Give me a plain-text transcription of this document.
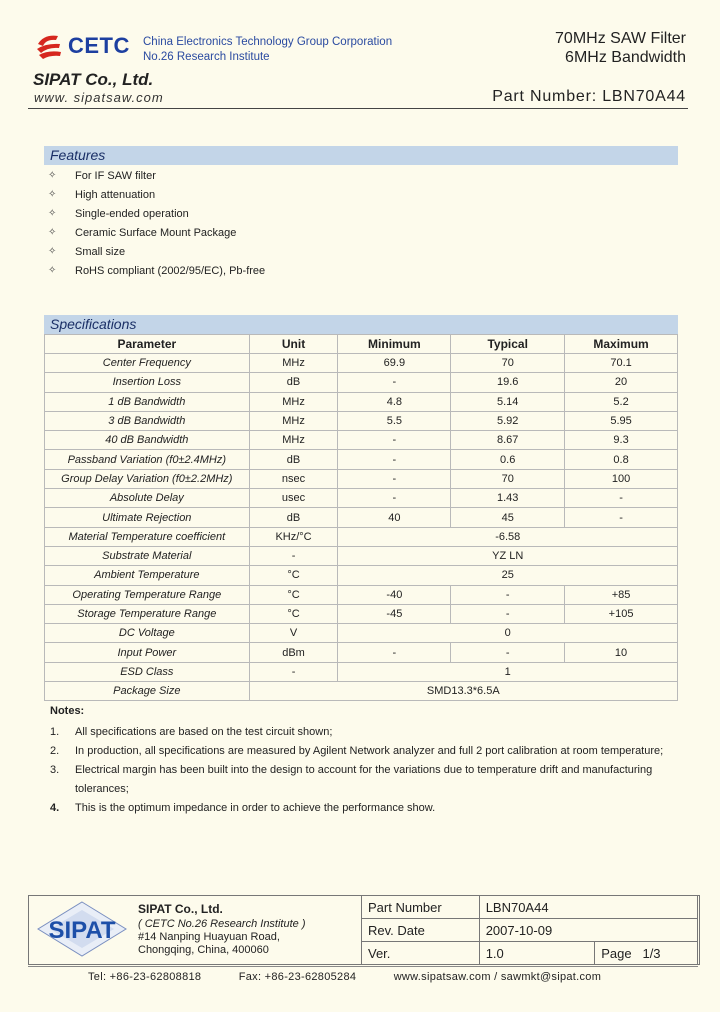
CETC China Electronics Technology Group Corporation
No.26 Research Institute
SIPAT Co., Ltd.
www. sipatsaw.com
70MHz SAW Filter
6MHz Bandwidth
Part Number: LBN70A44
Features
✧	For IF SAW filter
✧	High attenuation
✧	Single-ended operation
✧	Ceramic Surface Mount Package
✧	Small size
✧	RoHS compliant (2002/95/EC), Pb-free
Specifications
Parameter	Unit	Minimum	Typical	Maximum
Center Frequency	MHz	69.9	70	70.1
Insertion Loss	dB	-	19.6	20
1 dB Bandwidth	MHz	4.8	5.14	5.2
3 dB Bandwidth	MHz	5.5	5.92	5.95
40 dB Bandwidth	MHz	-	8.67	9.3
Passband Variation (f0±2.4MHz)	dB	-	0.6	0.8
Group Delay Variation (f0±2.2MHz)	nsec	-	70	100
Absolute Delay	usec	-	1.43	-
Ultimate Rejection	dB	40	45	-
Material Temperature coefficient	KHz/°C	-6.58		
Substrate Material	-	YZ LN		
Ambient Temperature	°C	25		
Operating Temperature Range	°C	-40	-	+85
Storage Temperature Range	°C	-45	-	+105
DC Voltage	V	0		
Input Power	dBm	-	-	10
ESD Class	-	1		
Package Size	SMD13.3*6.5A			
Notes:
1.	All specifications are based on the test circuit shown;
2.	In production, all specifications are measured by Agilent Network analyzer and full 2 port calibration at room temperature;
3.	Electrical margin has been built into the design to account for the variations due to temperature drift and manufacturing tolerances;
4.	This is the optimum impedance in order to achieve the performance show.
SIPAT
SIPAT Co., Ltd.
( CETC No.26 Research Institute )
#14 Nanping Huayuan Road,
Chongqing, China, 400060
Part Number	LBN70A44	
Rev. Date	2007-10-09	
Ver.	1.0	Page 1/3
Tel: +86-23-62808818	Fax: +86-23-62805284	www.sipatsaw.com / sawmkt@sipat.com
